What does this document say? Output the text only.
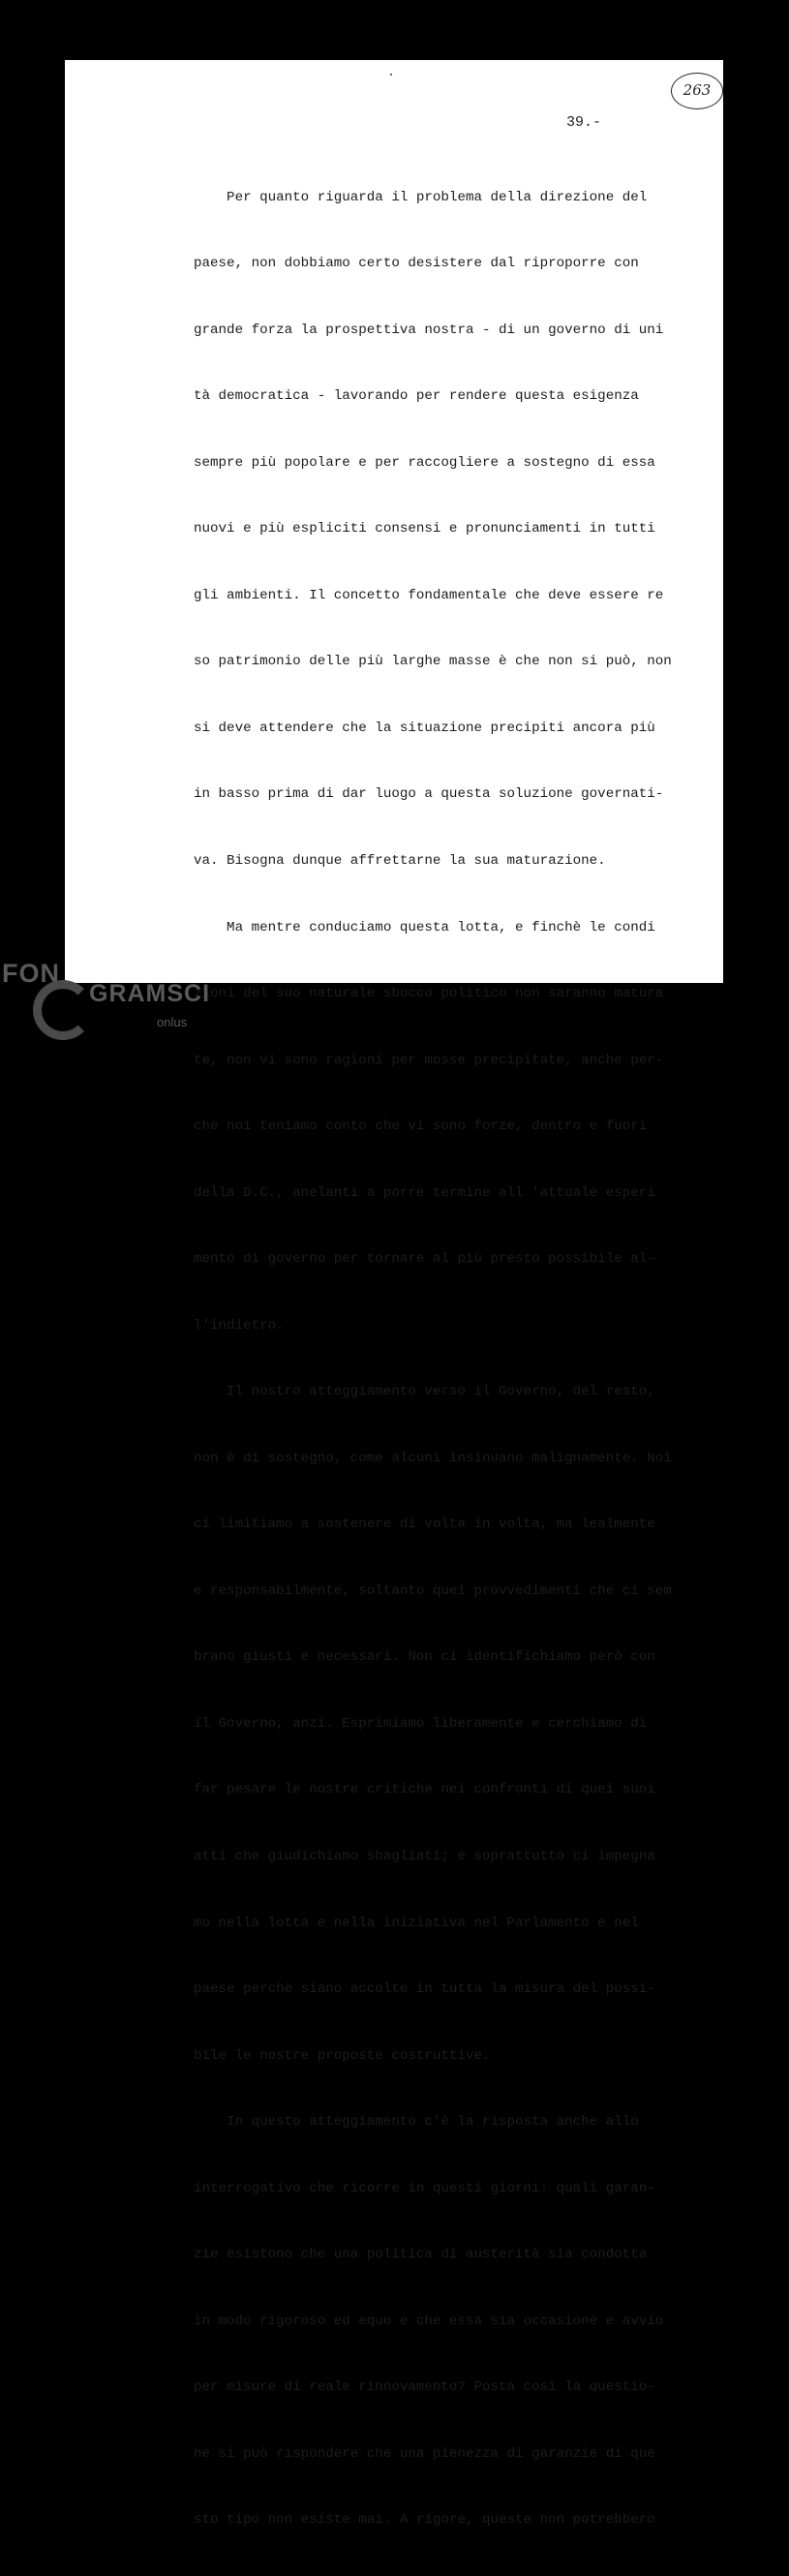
263
39.-

Per quanto riguarda il problema della direzione del

paese, non dobbiamo certo desistere dal riproporre con

grande forza la prospettiva nostra - di un governo di uni

tà democratica - lavorando per rendere questa esigenza

sempre più popolare e per raccogliere a sostegno di essa

nuovi e più espliciti consensi e pronunciamenti in tutti

gli ambienti. Il concetto fondamentale che deve essere re

so patrimonio delle più larghe masse è che non si può, non

si deve attendere che la situazione precipiti ancora più

in basso prima di dar luogo a questa soluzione governati-

va. Bisogna dunque affrettarne la sua maturazione.

Ma mentre conduciamo questa lotta, e finchè le condi

zioni del suo naturale sbocco politico non saranno matura

te, non vi sono ragioni per mosse precipitate, anche per-

chè noi teniamo conto che vi sono forze, dentro e fuori

della D.C., anelanti a porre termine all 'attuale esperi

mento di governo per tornare al più presto possibile al-

l'indietro.

Il nostro atteggiamento verso il Governo, del resto,

non è di sostegno, come alcuni insinuano malignamente. Noi

ci limitiamo a sostenere di volta in volta, ma lealmente

e responsabilmente, soltanto quei provvedimenti che ci sem

brano giusti e necessari. Non ci identifichiamo però con

il Governo, anzi. Esprimiamo liberamente e cerchiamo di

far pesare le nostre critiche nei confronti di quei suoi

atti che giudichiamo sbagliati; e soprattutto ci impegna

mo nella lotta e nella iniziativa nel Parlamento e nel

paese perchè siano accolte in tutta la misura del possi-

bile le nostre proposte costruttive.

In questo atteggiamento c'è la risposta anche allo

interrogativo che ricorre in questi giorni: quali garan-

zie esistono che una politica di austerità sia condotta

in modo rigoroso ed equo e che essa sia occasione e avvio

per misure di reale rinnovamento? Posta così la questio-

ne si può rispondere che una pienezza di garanzie di que

sto tipo non esiste mai. A rigore, queste non potrebbero

FON
GRAMSCI
onlus
